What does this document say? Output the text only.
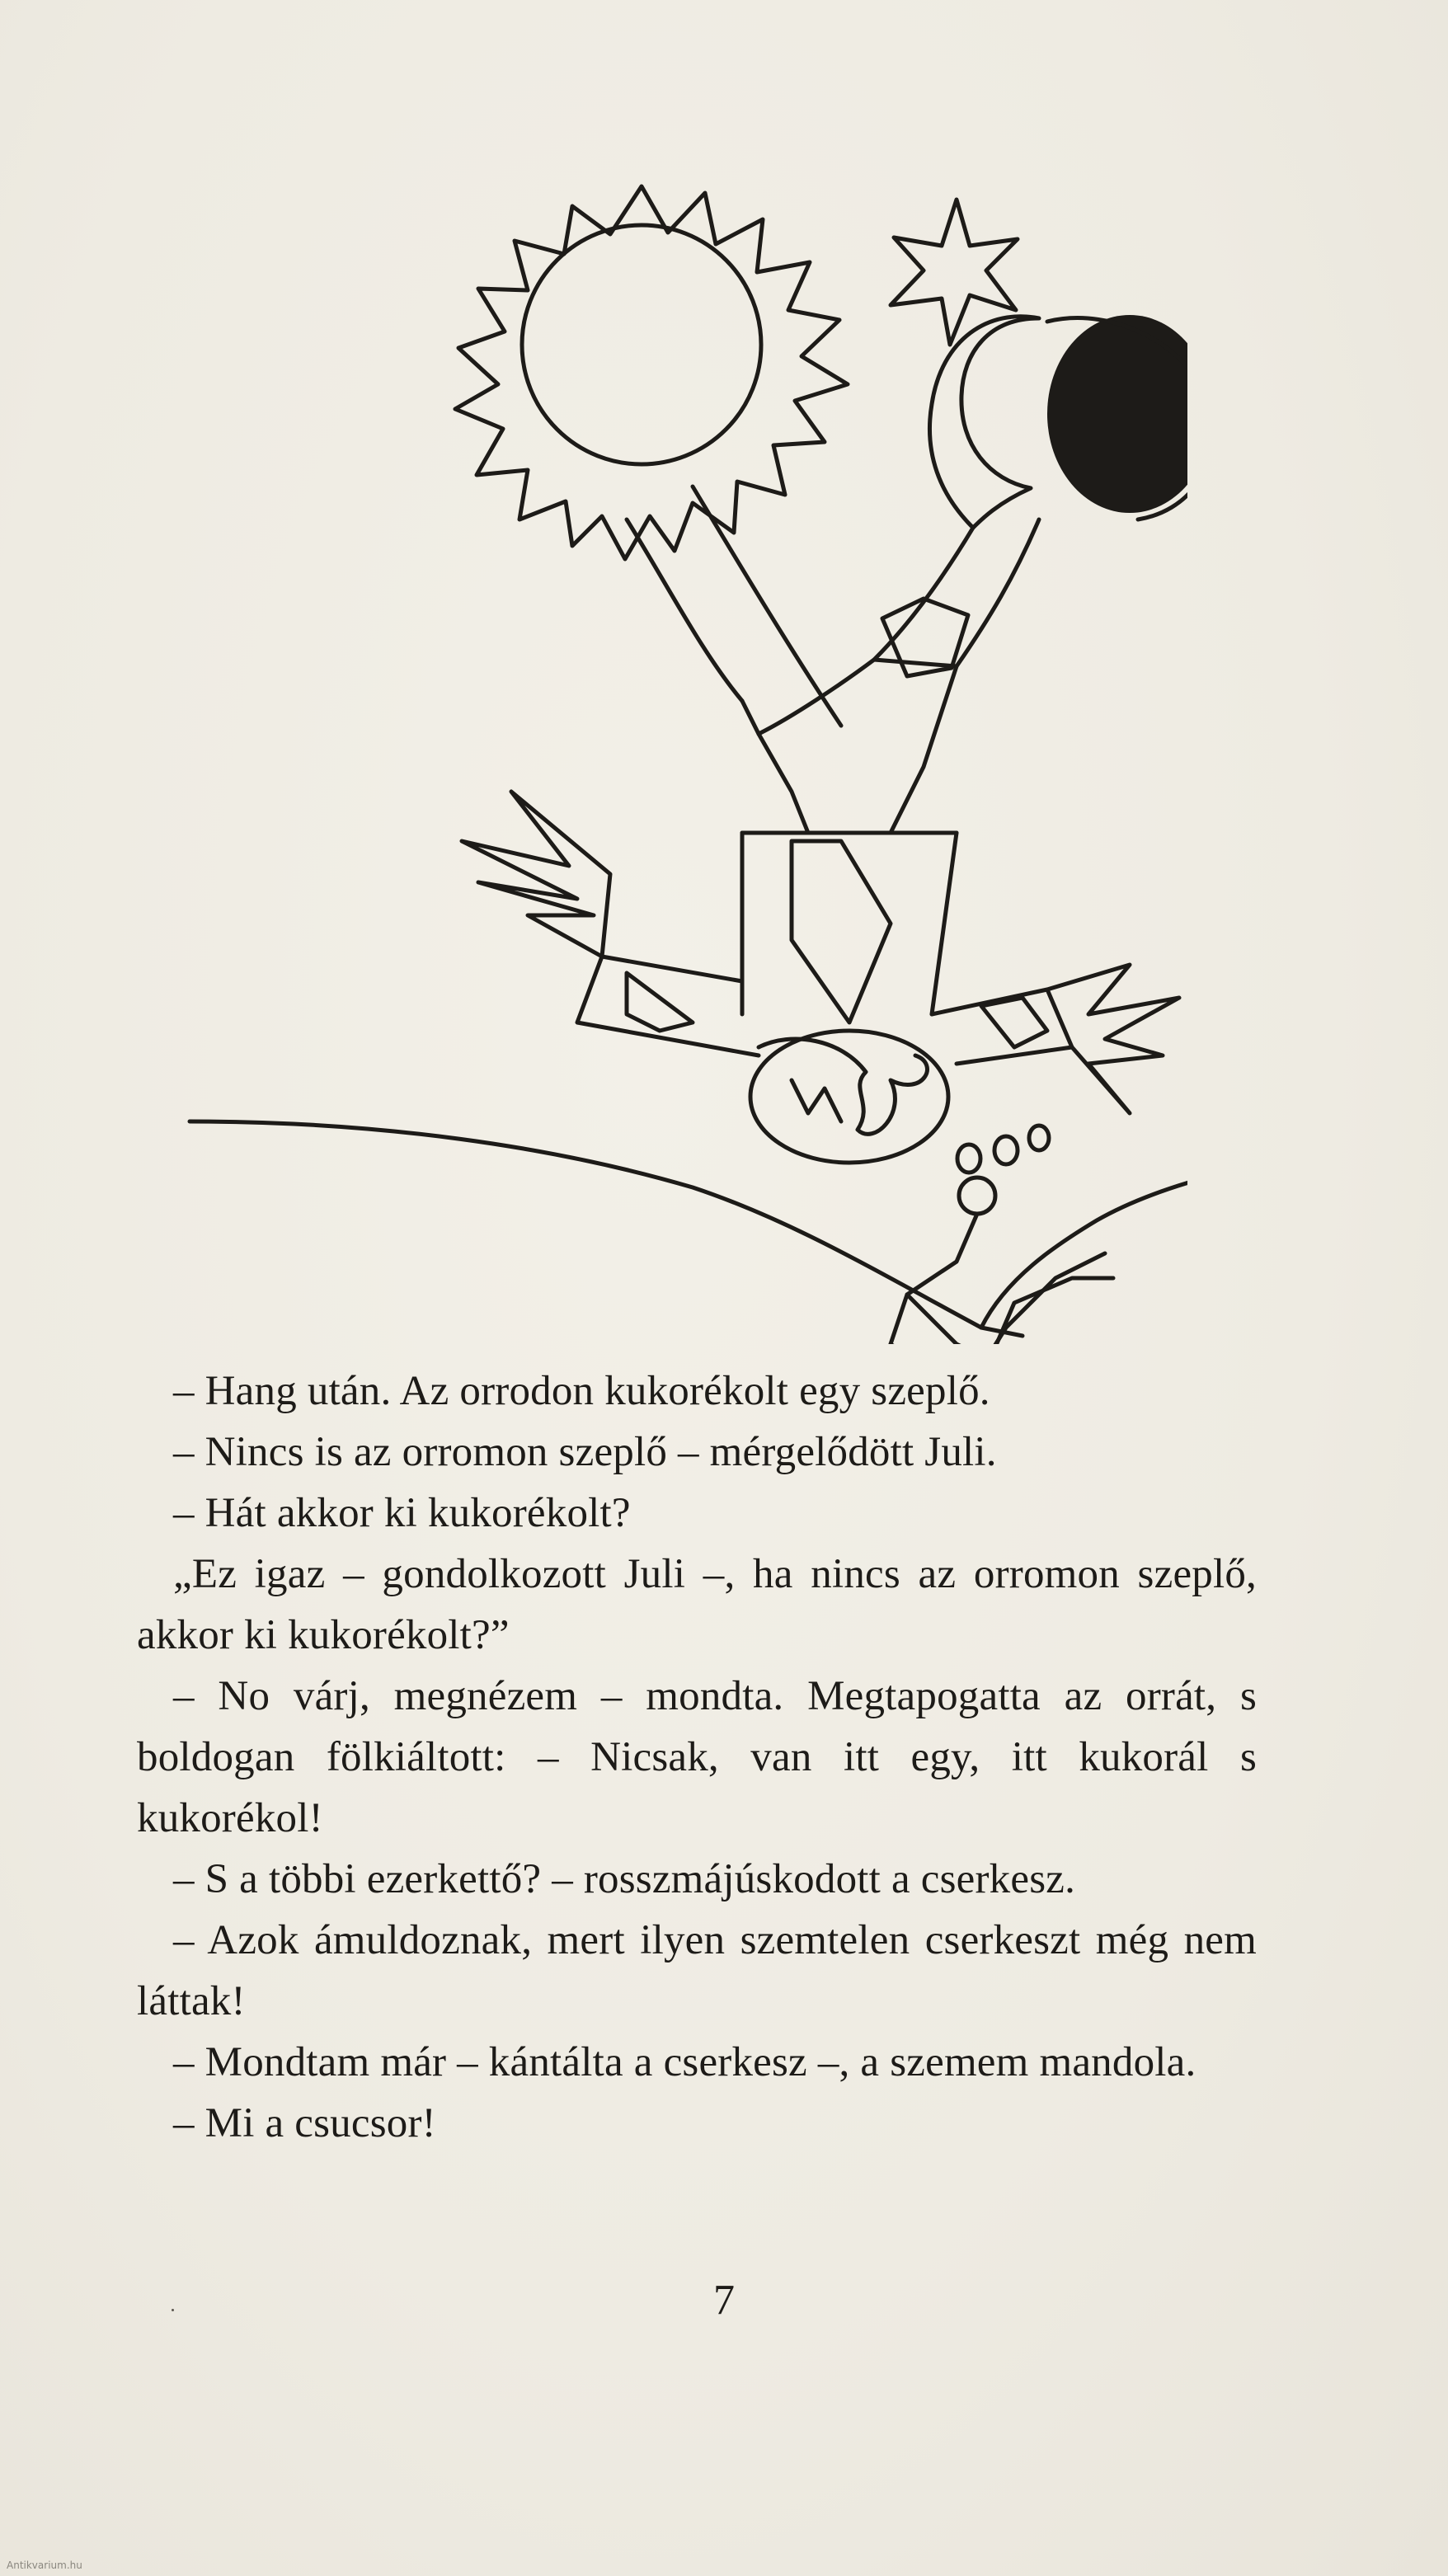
– Hang után. Az orrodon kukorékolt egy szeplő.

– Nincs is az orromon szeplő – mérgelődött Juli.

– Hát akkor ki kukorékolt?

„Ez igaz – gondolkozott Juli –, ha nincs az orromon szeplő, akkor ki kukorékolt?”

– No várj, megnézem – mondta. Megtapogatta az orrát, s boldogan fölkiáltott: – Nicsak, van itt egy, itt kukorál s kukorékol!

– S a többi ezerkettő? – rosszmájúskodott a cserkesz.

– Azok ámuldoznak, mert ilyen szemtelen cserkeszt még nem láttak!

– Mondtam már – kántálta a cserkesz –, a szemem mandola.

– Mi a csucsor!

7
Antikvarium.hu
